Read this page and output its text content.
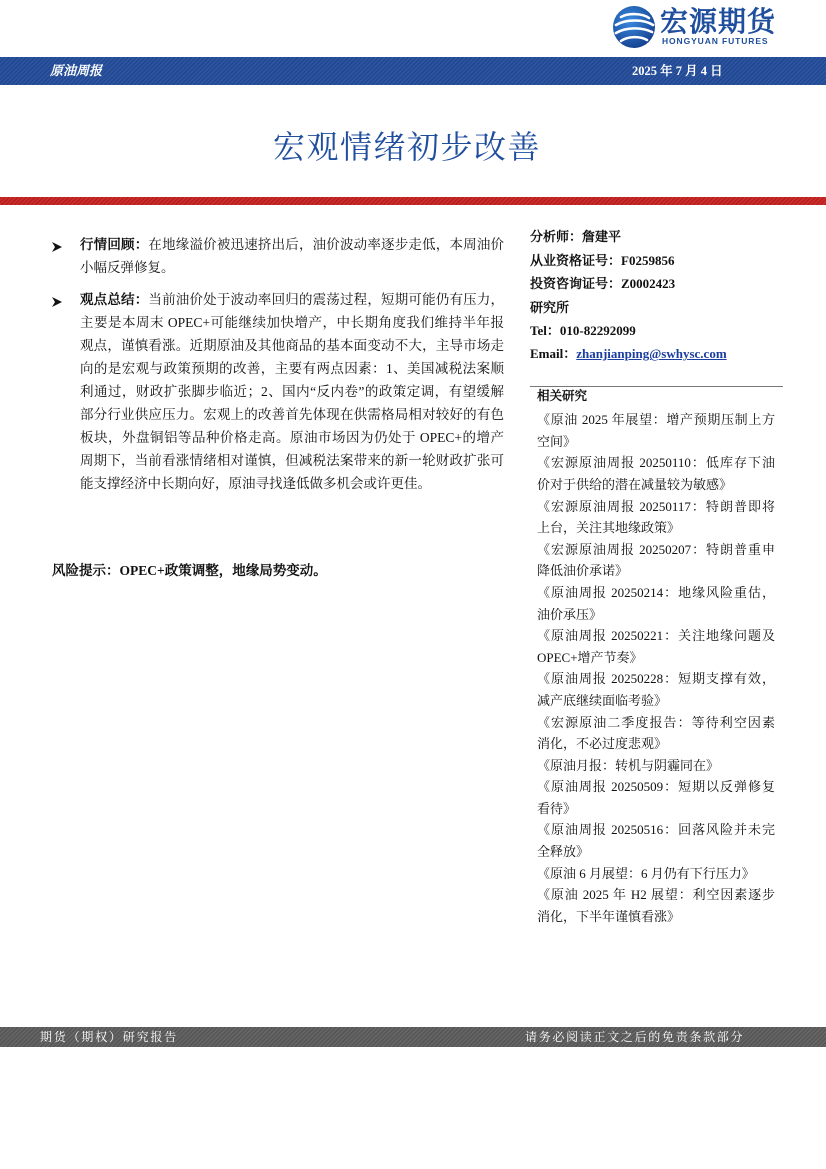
宏源期货
HONGYUAN FUTURES
原油周报	2025 年 7 月 4 日
宏观情绪初步改善
行情回顾：在地缘溢价被迅速挤出后，油价波动率逐步走低，本周油价
小幅反弹修复。
观点总结：当前油价处于波动率回归的震荡过程，短期可能仍有压力，
主要是本周末 OPEC+可能继续加快增产，中长期角度我们维持半年报
观点，谨慎看涨。近期原油及其他商品的基本面变动不大，主导市场走
向的是宏观与政策预期的改善，主要有两点因素：1、美国减税法案顺
利通过，财政扩张脚步临近；2、国内“反内卷”的政策定调，有望缓解
部分行业供应压力。宏观上的改善首先体现在供需格局相对较好的有色
板块，外盘铜铝等品种价格走高。原油市场因为仍处于 OPEC+的增产
周期下，当前看涨情绪相对谨慎，但减税法案带来的新一轮财政扩张可
能支撑经济中长期向好，原油寻找逢低做多机会或许更佳。
风险提示：OPEC+政策调整，地缘局势变动。
分析师：詹建平
从业资格证号：F0259856
投资咨询证号：Z0002423
研究所
Tel：010-82292099
Email：zhanjianping@swhysc.com
相关研究
《原油 2025 年展望：增产预期压制上方
空间》
《宏源原油周报 20250110：低库存下油
价对于供给的潜在减量较为敏感》
《宏源原油周报 20250117：特朗普即将
上台，关注其地缘政策》
《宏源原油周报 20250207：特朗普重申
降低油价承诺》
《原油周报 20250214：地缘风险重估，
油价承压》
《原油周报 20250221：关注地缘问题及
OPEC+增产节奏》
《原油周报 20250228：短期支撑有效，
减产底继续面临考验》
《宏源原油二季度报告：等待利空因素
消化，不必过度悲观》
《原油月报：转机与阴霾同在》
《原油周报 20250509：短期以反弹修复
看待》
《原油周报 20250516：回落风险并未完
全释放》
《原油 6 月展望：6 月仍有下行压力》
《原油 2025 年 H2 展望：利空因素逐步
消化，下半年谨慎看涨》
期货（期权）研究报告	请务必阅读正文之后的免责条款部分
